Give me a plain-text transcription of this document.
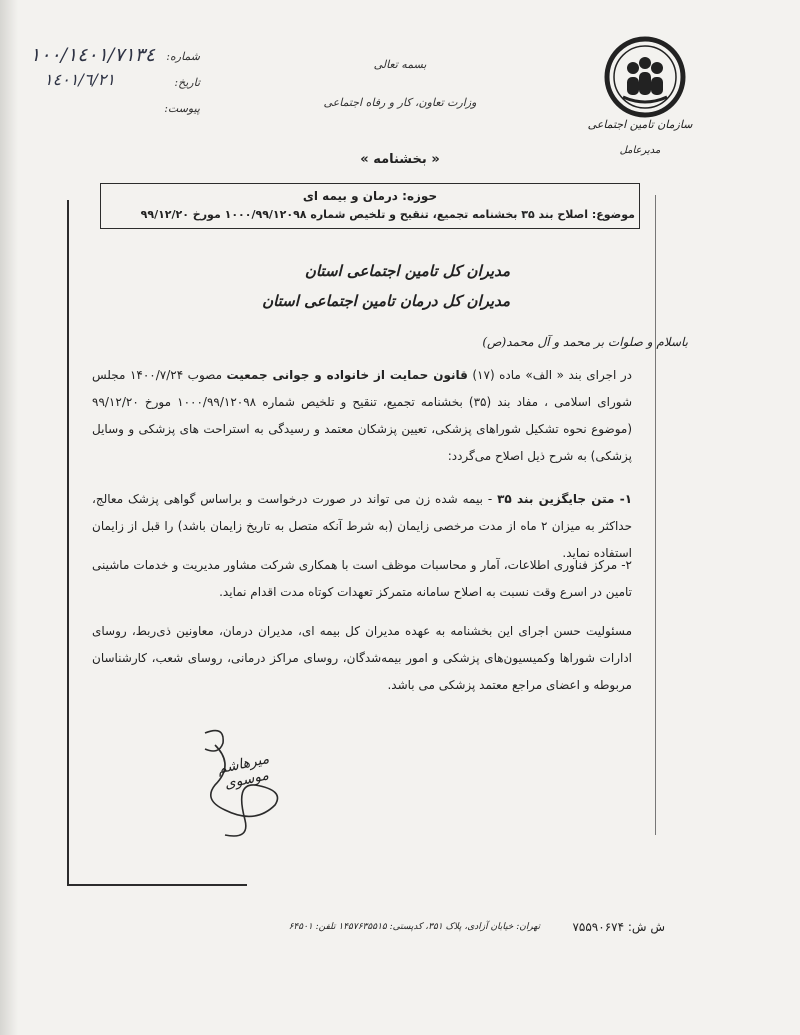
شماره:
١٠٠/١٤٠١/٧١٣٤
تاریخ:
١٤٠١/٦/٢١
پیوست:
بسمه تعالی
وزارت تعاون، کار و رفاه اجتماعی
« بخشنامه »
سازمان تامین اجتماعی
مدیرعامل
حوزه: درمان و بیمه ای
موضوع: اصلاح بند ۳۵ بخشنامه تجمیع، تنقیح و تلخیص شماره ۱۰۰۰/۹۹/۱۲۰۹۸ مورخ ۹۹/۱۲/۲۰
مدیران کل تامین اجتماعی استان
مدیران کل درمان تامین اجتماعی استان
باسلام و صلوات بر محمد و آل محمد(ص)
در اجرای بند « الف» ماده (۱۷) قانون حمایت از خانواده و جوانی جمعیت مصوب ۱۴۰۰/۷/۲۴ مجلس شورای اسلامی ، مفاد بند (۳۵) بخشنامه تجمیع، تنقیح و تلخیص شماره ۱۰۰۰/۹۹/۱۲۰۹۸ مورخ ۹۹/۱۲/۲۰ (موضوع نحوه تشکیل شوراهای پزشکی، تعیین پزشکان معتمد و رسیدگی به استراحت های پزشکی و وسایل پزشکی) به شرح ذیل اصلاح می‌گردد:
۱- متن جایگزین بند ۳۵ - بیمه شده زن می تواند در صورت درخواست و براساس گواهی پزشک معالج، حداکثر به میزان ۲ ماه از مدت مرخصی زایمان (به شرط آنکه متصل به تاریخ زایمان باشد) را قبل از زایمان استفاده نماید.
۲- مرکز فناوری اطلاعات، آمار و محاسبات موظف است با همکاری شرکت مشاور مدیریت و خدمات ماشینی تامین در اسرع وقت نسبت به اصلاح سامانه متمرکز تعهدات کوتاه مدت اقدام نماید.
مسئولیت حسن اجرای این بخشنامه به عهده مدیران کل بیمه ای، مدیران درمان، معاونین ذی‌ربط، روسای ادارات شوراها وکمیسیون‌های پزشکی و امور بیمه‌شدگان، روسای مراکز درمانی، روسای شعب، کارشناسان مربوطه و اعضای مراجع معتمد پزشکی می باشد.
میرهاشم موسوی
ش ش: ۷۵۵۹۰۶۷۴
تهران: خیابان آزادی، پلاک ۳۵۱، کدپستی: ۱۴۵۷۶۳۵۵۱۵ تلفن: ۶۴۵۰۱
